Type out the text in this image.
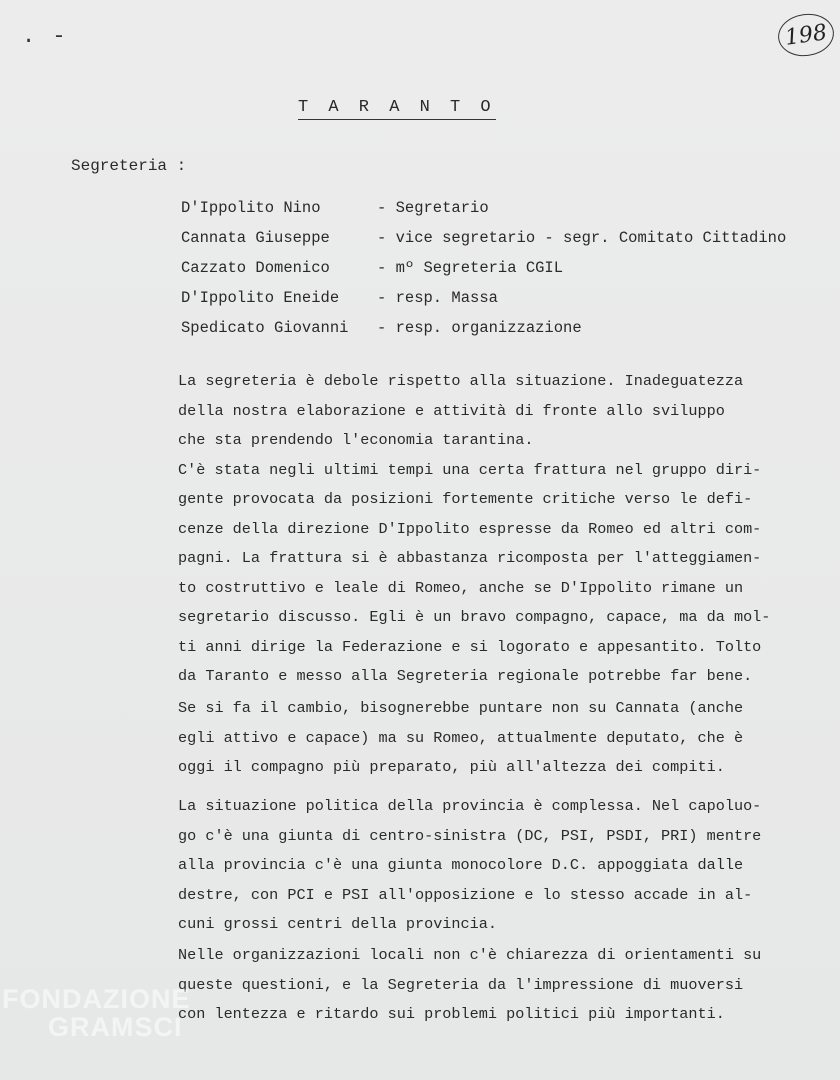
. -	198
T A R A N T O
Segreteria :
D'Ippolito Nino	- Segretario
Cannata Giuseppe	- vice segretario - segr. Comitato Cittadino
Cazzato Domenico	- mº Segreteria CGIL
D'Ippolito Eneide	- resp. Massa
Spedicato Giovanni	- resp. organizzazione
La segreteria è debole rispetto alla situazione. Inadeguatezza
della nostra elaborazione e attività di fronte allo sviluppo
che sta prendendo l'economia tarantina.
C'è stata negli ultimi tempi una certa frattura nel gruppo diri-
gente provocata da posizioni fortemente critiche verso le defi-
cenze della direzione D'Ippolito espresse da Romeo ed altri com-
pagni. La frattura si è abbastanza ricomposta per l'atteggiamen-
to costruttivo e leale di Romeo, anche se D'Ippolito rimane un
segretario discusso. Egli è un bravo compagno, capace, ma da mol-
ti anni dirige la Federazione e si logorato e appesantito. Tolto
da Taranto e messo alla Segreteria regionale potrebbe far bene.
Se si fa il cambio, bisognerebbe puntare non su Cannata (anche
egli attivo e capace) ma su Romeo, attualmente deputato, che è
oggi il compagno più preparato, più all'altezza dei compiti.
La situazione politica della provincia è complessa. Nel capoluo-
go c'è una giunta di centro-sinistra (DC, PSI, PSDI, PRI) mentre
alla provincia c'è una giunta monocolore D.C. appoggiata dalle
destre, con PCI e PSI all'opposizione e lo stesso accade in al-
cuni grossi centri della provincia.
Nelle organizzazioni locali non c'è chiarezza di orientamenti su
queste questioni, e la Segreteria da l'impressione di muoversi
con lentezza e ritardo sui problemi politici più importanti.
FONDAZIONE
GRAMSCI
